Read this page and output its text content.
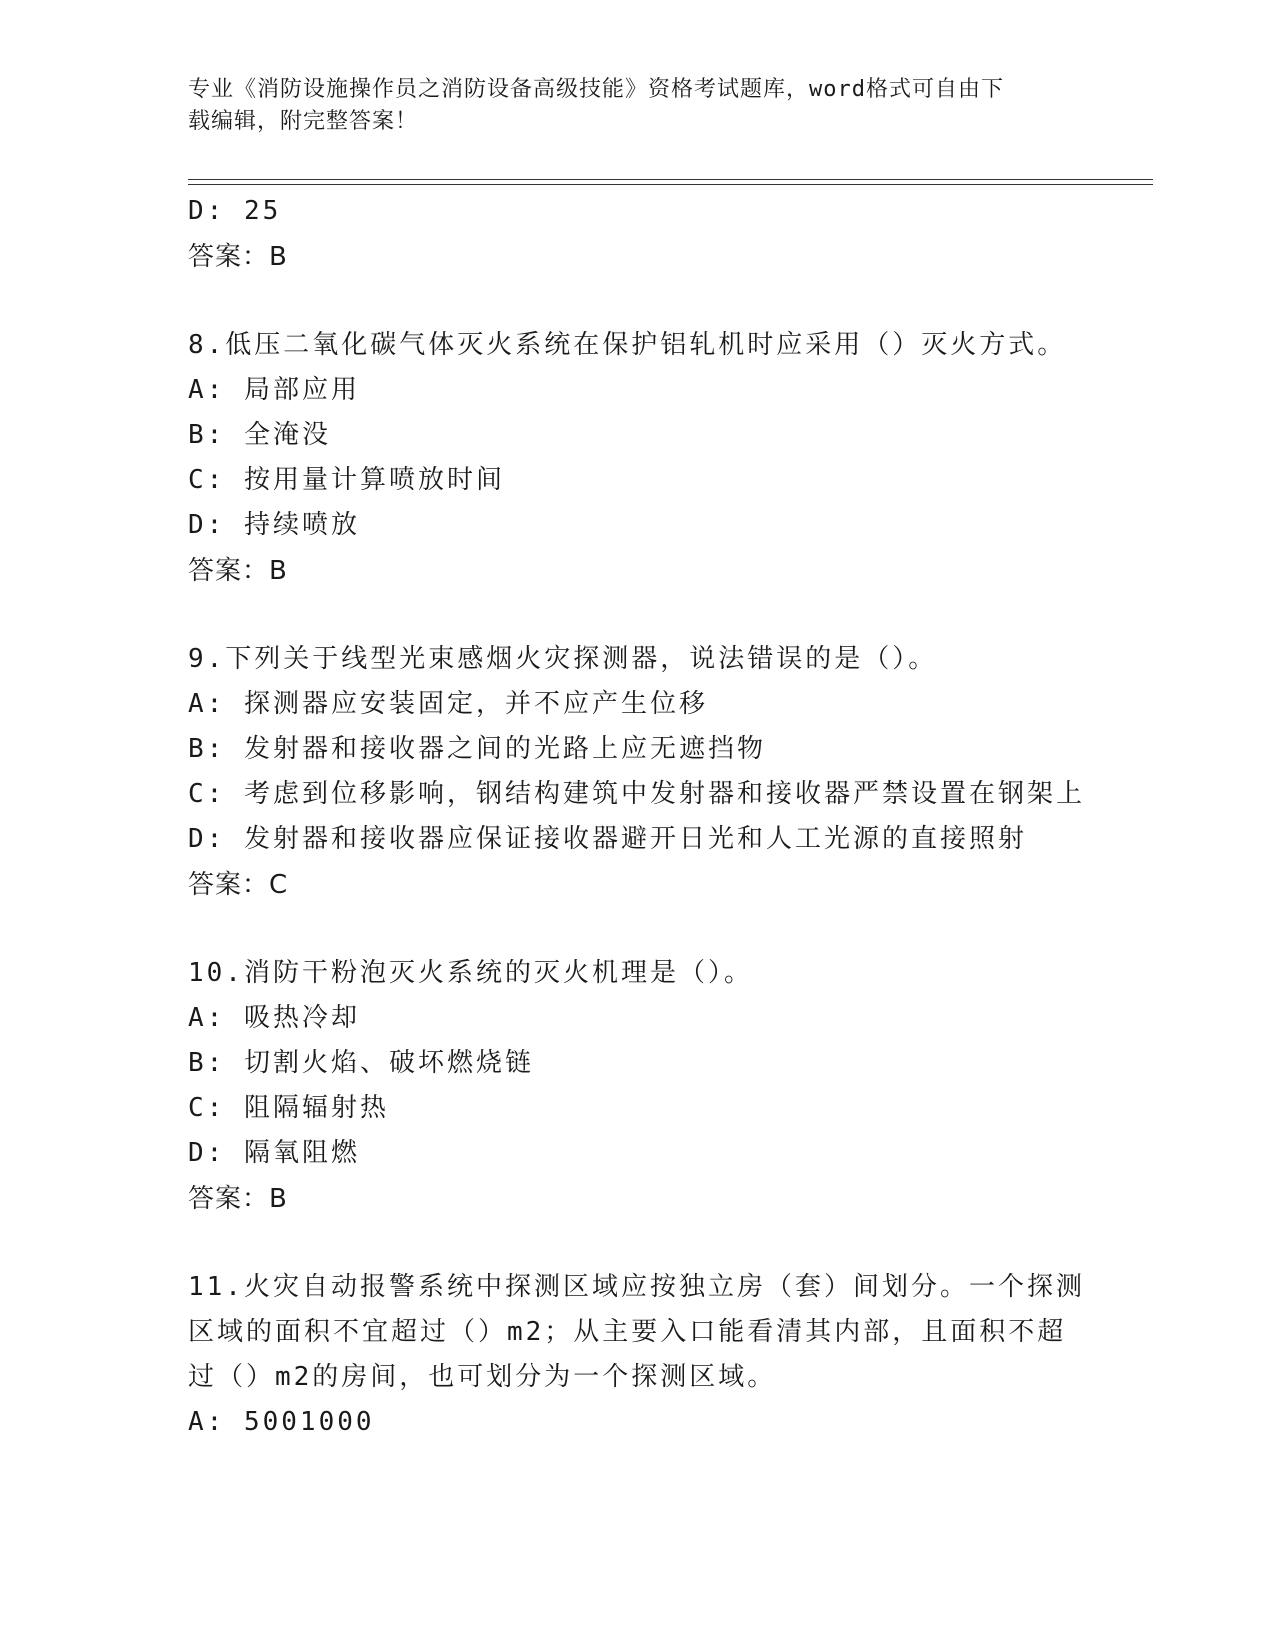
专业《消防设施操作员之消防设备高级技能》资格考试题库，word格式可自由下
载编辑，附完整答案！
D: 25
答案：B
8.低压二氧化碳气体灭火系统在保护铝轧机时应采用（）灭火方式。
A: 局部应用
B: 全淹没
C: 按用量计算喷放时间
D: 持续喷放
答案：B
9.下列关于线型光束感烟火灾探测器，说法错误的是（）。
A: 探测器应安装固定，并不应产生位移
B: 发射器和接收器之间的光路上应无遮挡物
C: 考虑到位移影响，钢结构建筑中发射器和接收器严禁设置在钢架上
D: 发射器和接收器应保证接收器避开日光和人工光源的直接照射
答案：C
10.消防干粉泡灭火系统的灭火机理是（）。
A: 吸热冷却
B: 切割火焰、破坏燃烧链
C: 阻隔辐射热
D: 隔氧阻燃
答案：B
11.火灾自动报警系统中探测区域应按独立房（套）间划分。一个探测
区域的面积不宜超过（）m2；从主要入口能看清其内部，且面积不超
过（）m2的房间，也可划分为一个探测区域。
A: 5001000
